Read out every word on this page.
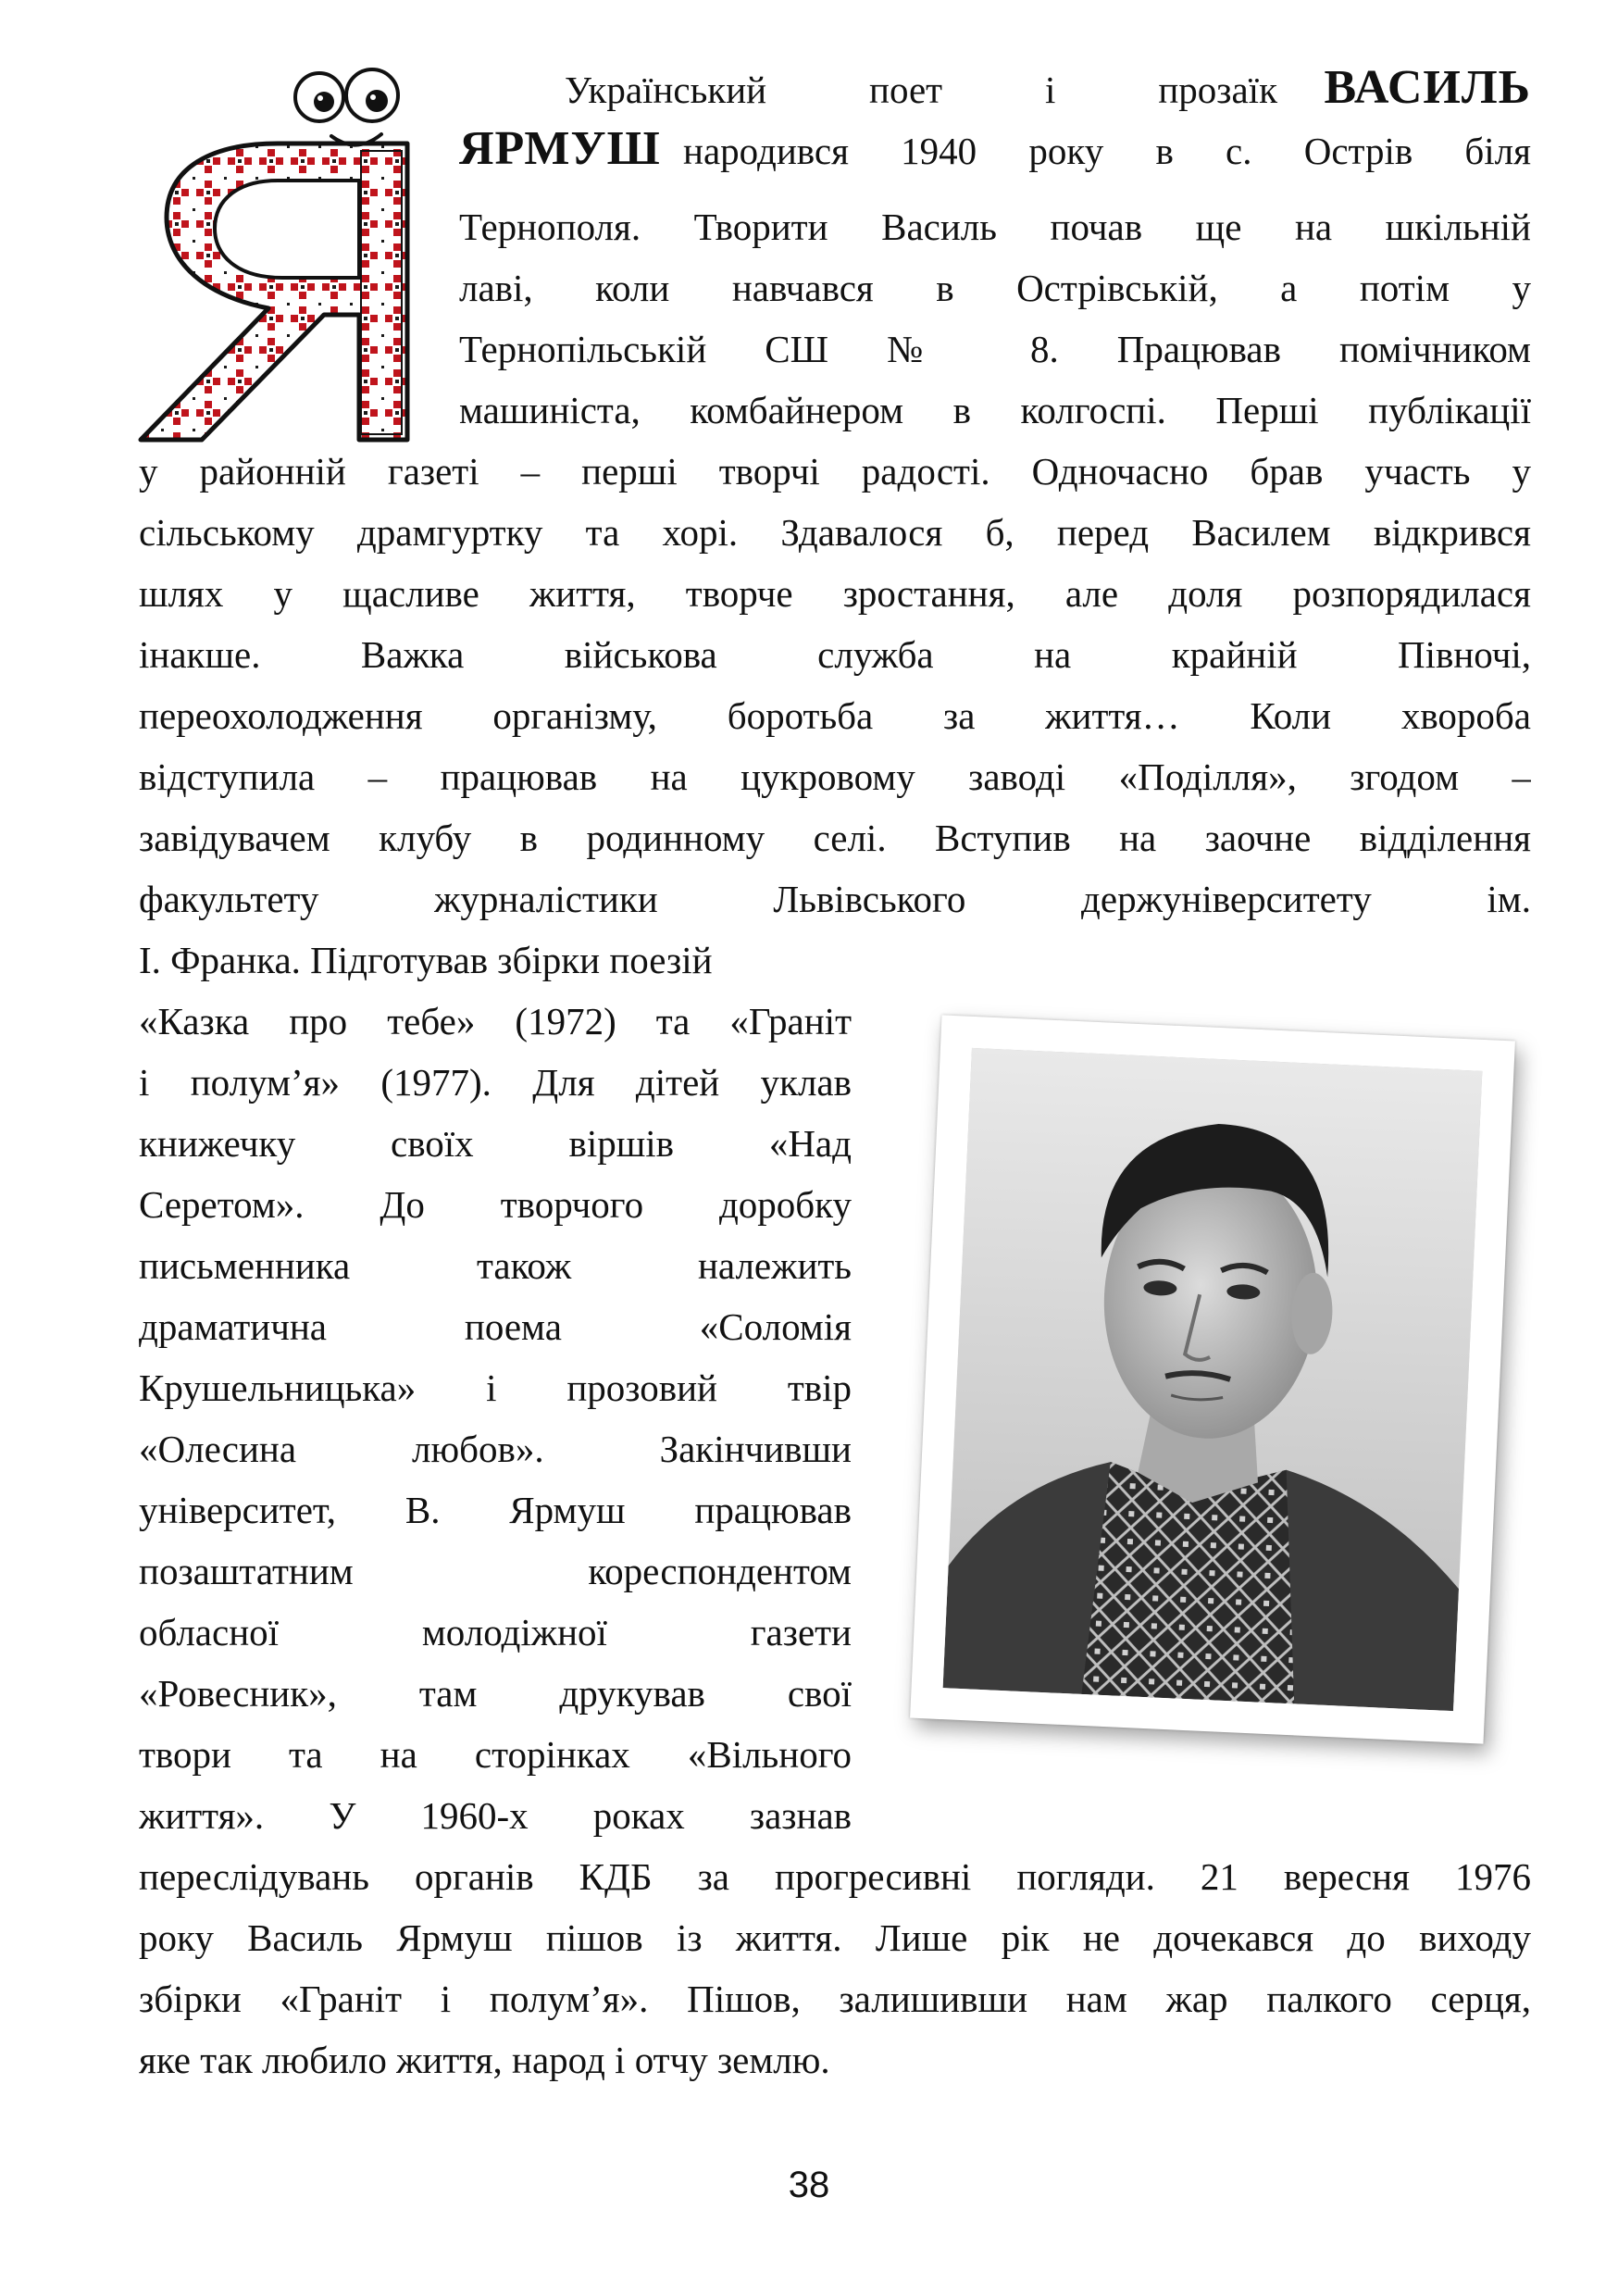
Український поет і прозаїк ВАСИЛЬ
ЯРМУШ народився 1940 року в с. Острів біля
Тернополя. Творити Василь почав ще на шкільній
лаві, коли навчався в Острівській, а потім у
Тернопільській СШ № 8. Працював помічником
машиніста, комбайнером в колгоспі. Перші публікації
у районній газеті – перші творчі радості. Одночасно брав участь у
сільському драмгуртку та хорі. Здавалося б, перед Василем відкрився
шлях у щасливе життя, творче зростання, але доля розпорядилася
інакше. Важка військова служба на крайній Півночі,
переохолодження організму, боротьба за життя… Коли хвороба
відступила – працював на цукровому заводі «Поділля», згодом –
завідувачем клубу в родинному селі. Вступив на заочне відділення
факультету журналістики Львівського держуніверситету ім.
І. Франка. Підготував збірки поезій
«Казка про тебе» (1972) та «Граніт
і полум’я» (1977). Для дітей уклав
книжечку своїх віршів «Над
Серетом». До творчого доробку
письменника також належить
драматична поема «Соломія
Крушельницька» і прозовий твір
«Олесина любов». Закінчивши
університет, В. Ярмуш працював
позаштатним кореспондентом
обласної молодіжної газети
«Ровесник», там друкував свої
твори та на сторінках «Вільного
життя». У 1960-х роках зазнав
переслідувань органів КДБ за прогресивні погляди. 21 вересня 1976
року Василь Ярмуш пішов із життя. Лише рік не дочекався до виходу
збірки «Граніт і полум’я». Пішов, залишивши нам жар палкого серця,
яке так любило життя, народ і отчу землю.
38
